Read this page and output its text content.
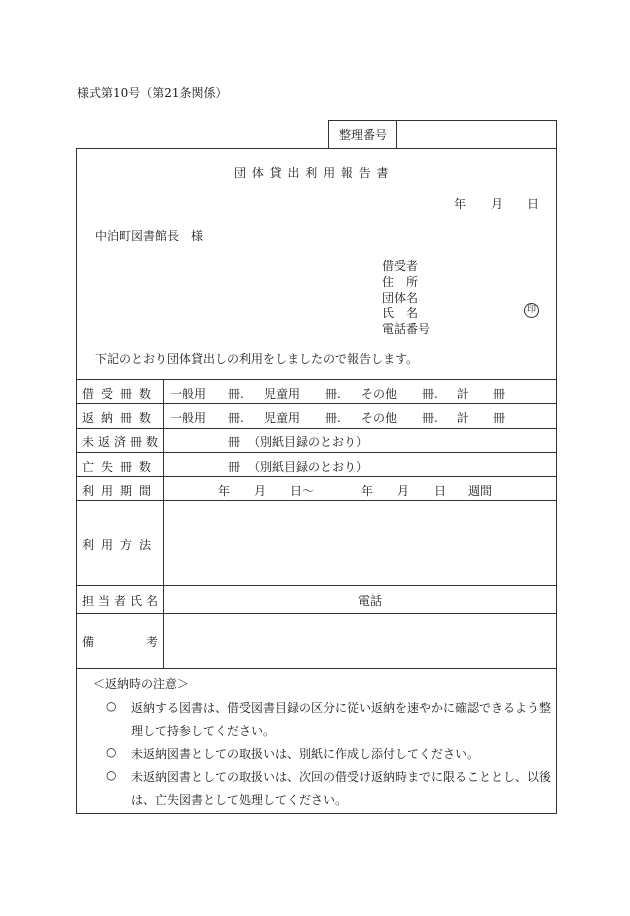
様式第10号（第21条関係）
整理番号
団 体 貸 出 利 用 報 告 書
年 月 日
中泊町図書館長　様
借受者
住　所
団体名
氏　名	印
電話番号
下記のとおり団体貸出しの利用をしましたので報告します。
借受冊数 一般用 冊. 児童用 冊. その他 冊. 計 冊
返納冊数 一般用 冊. 児童用 冊. その他 冊. 計 冊
未返済冊数	冊 （別紙目録のとおり）
亡失冊数	冊 （別紙目録のとおり）
利用期間	年 月 日～	年 月 日 週間
利用方法
担当者氏名	電話
備	考
＜返納時の注意＞
○ 返納する図書は、借受図書目録の区分に従い返納を速やかに確認できるよう整
理して持参してください。
○ 未返納図書としての取扱いは、別紙に作成し添付してください。
○ 未返納図書としての取扱いは、次回の借受け返納時までに限ることとし、以後
は、亡失図書として処理してください。
